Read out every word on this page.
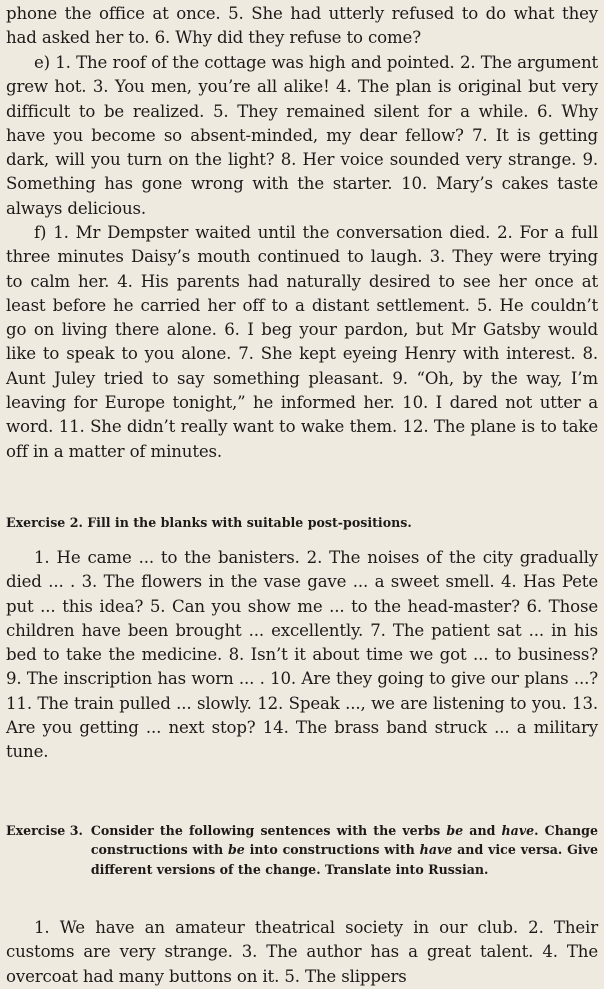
phone the office at once. 5. She had utterly refused to do what they had asked her to. 6. Why did they refuse to come?

e) 1. The roof of the cottage was high and pointed. 2. The argument grew hot. 3. You men, you’re all alike! 4. The plan is original but very difficult to be realized. 5. They remained silent for a while. 6. Why have you become so absent-minded, my dear fellow? 7. It is getting dark, will you turn on the light? 8. Her voice sounded very strange. 9. Something has gone wrong with the starter. 10. Mary’s cakes taste always delicious.

f) 1. Mr Dempster waited until the conversation died. 2. For a full three minutes Daisy’s mouth continued to laugh. 3. They were trying to calm her. 4. His parents had naturally desired to see her once at least before he carried her off to a distant settlement. 5. He couldn’t go on living there alone. 6. I beg your pardon, but Mr Gatsby would like to speak to you alone. 7. She kept eyeing Henry with interest. 8. Aunt Juley tried to say something pleasant. 9. “Oh, by the way, I’m leaving for Europe tonight,” he informed her. 10. I dared not utter a word. 11. She didn’t really want to wake them. 12. The plane is to take off in a matter of minutes.

Exercise 2. Fill in the blanks with suitable post-positions.

1. He came ... to the banisters. 2. The noises of the city gradually died ... . 3. The flowers in the vase gave ... a sweet smell. 4. Has Pete put ... this idea? 5. Can you show me ... to the head-master? 6. Those children have been brought ... excellently. 7. The patient sat ... in his bed to take the medicine. 8. Isn’t it about time we got ... to business? 9. The inscription has worn ... . 10. Are they going to give our plans ...? 11. The train pulled ... slowly. 12. Speak ..., we are listening to you. 13. Are you getting ... next stop? 14. The brass band struck ... a military tune.

Exercise 3. Consider the following sentences with the verbs be and have. Change constructions with be into constructions with have and vice versa. Give different versions of the change. Translate into Russian.

1. We have an amateur theatrical society in our club. 2. Their customs are very strange. 3. The author has a great talent. 4. The overcoat had many buttons on it. 5. The slippers
